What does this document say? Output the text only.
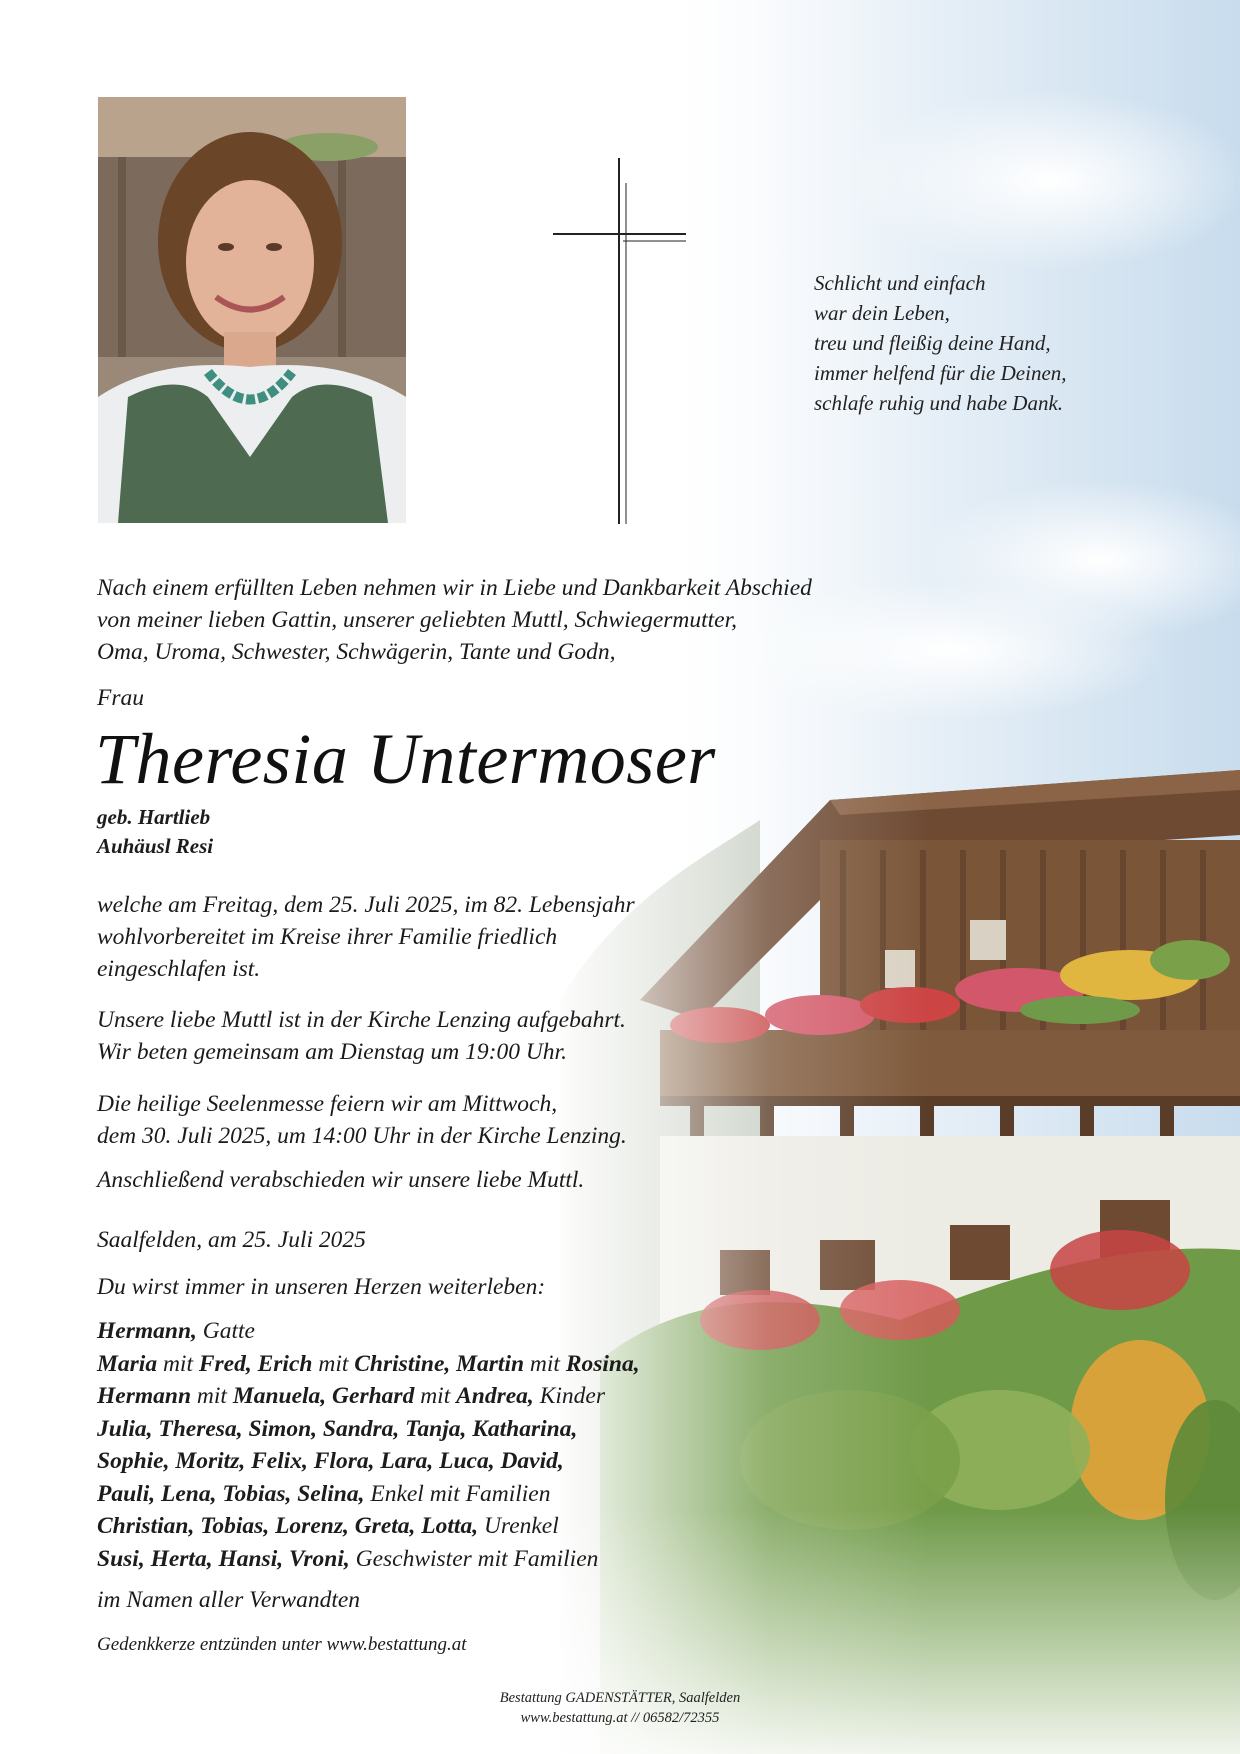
Schlicht und einfach
war dein Leben,
treu und fleißig deine Hand,
immer helfend für die Deinen,
schlafe ruhig und habe Dank.
Nach einem erfüllten Leben nehmen wir in Liebe und Dankbarkeit Abschied
von meiner lieben Gattin, unserer geliebten Muttl, Schwiegermutter,
Oma, Uroma, Schwester, Schwägerin, Tante und Godn,
Frau
Theresia Untermoser
geb. Hartlieb
Auhäusl Resi
welche am Freitag, dem 25. Juli 2025, im 82. Lebensjahr
wohlvorbereitet im Kreise ihrer Familie friedlich
eingeschlafen ist.
Unsere liebe Muttl ist in der Kirche Lenzing aufgebahrt.
Wir beten gemeinsam am Dienstag um 19:00 Uhr.
Die heilige Seelenmesse feiern wir am Mittwoch,
dem 30. Juli 2025, um 14:00 Uhr in der Kirche Lenzing.
Anschließend verabschieden wir unsere liebe Muttl.
Saalfelden, am 25. Juli 2025
Du wirst immer in unseren Herzen weiterleben:
Hermann, Gatte
Maria mit Fred, Erich mit Christine, Martin mit Rosina,
Hermann mit Manuela, Gerhard mit Andrea, Kinder
Julia, Theresa, Simon, Sandra, Tanja, Katharina,
Sophie, Moritz, Felix, Flora, Lara, Luca, David,
Pauli, Lena, Tobias, Selina, Enkel mit Familien
Christian, Tobias, Lorenz, Greta, Lotta, Urenkel
Susi, Herta, Hansi, Vroni, Geschwister mit Familien
im Namen aller Verwandten
Gedenkkerze entzünden unter www.bestattung.at
Bestattung GADENSTÄTTER, Saalfelden
www.bestattung.at // 06582/72355
